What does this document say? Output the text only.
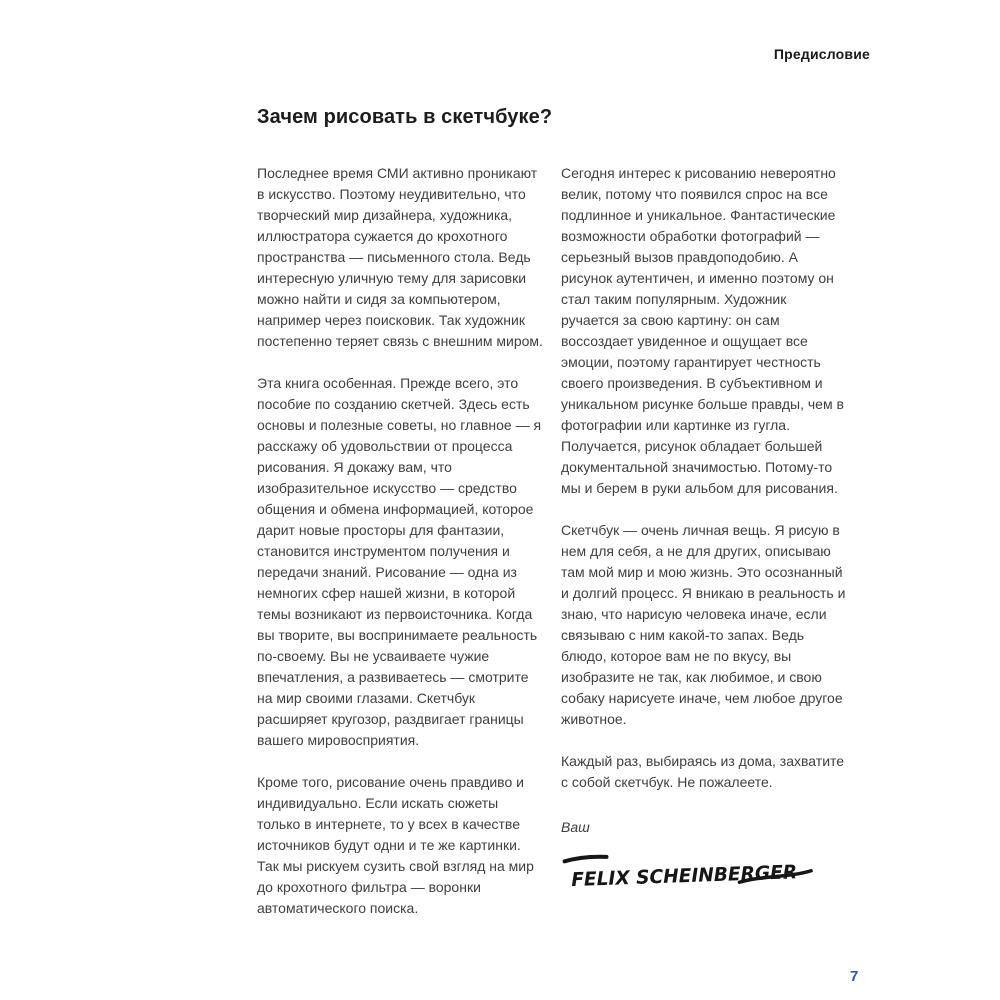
Предисловие
Зачем рисовать в скетчбуке?

Последнее время СМИ активно проникают в искусство. Поэтому неудивительно, что творческий мир дизайнера, художника, иллюстратора сужается до крохотного пространства — письменного стола. Ведь интересную уличную тему для зарисовки можно найти и сидя за компьютером, например через поисковик. Так художник постепенно теряет связь с внешним миром.

Эта книга особенная. Прежде всего, это пособие по созданию скетчей. Здесь есть основы и полезные советы, но главное — я расскажу об удовольствии от процесса рисования. Я докажу вам, что изобразительное искусство — средство общения и обмена информацией, которое дарит новые просторы для фантазии, становится инструментом получения и передачи знаний. Рисование — одна из немногих сфер нашей жизни, в которой темы возникают из первоисточника. Когда вы творите, вы воспринимаете реальность по-своему. Вы не усваиваете чужие впечатления, а развиваетесь — смотрите на мир своими глазами. Скетчбук расширяет кругозор, раздвигает границы вашего мировосприятия.

Кроме того, рисование очень правдиво и индивидуально. Если искать сюжеты только в интернете, то у всех в качестве источников будут одни и те же картинки. Так мы рискуем сузить свой взгляд на мир до крохотного фильтра — воронки автоматического поиска.

Сегодня интерес к рисованию невероятно велик, потому что появился спрос на все подлинное и уникальное. Фантастические возможности обработки фотографий — серьезный вызов правдоподобию. А рисунок аутентичен, и именно поэтому он стал таким популярным. Художник ручается за свою картину: он сам воссоздает увиденное и ощущает все эмоции, поэтому гарантирует честность своего произведения. В субъективном и уникальном рисунке больше правды, чем в фотографии или картинке из гугла. Получается, рисунок обладает большей документальной значимостью. Потому-то мы и берем в руки альбом для рисования.

Скетчбук — очень личная вещь. Я рисую в нем для себя, а не для других, описываю там мой мир и мою жизнь. Это осознанный и долгий процесс. Я вникаю в реальность и знаю, что нарисую человека иначе, если связываю с ним какой-то запах. Ведь блюдо, которое вам не по вкусу, вы изобразите не так, как любимое, и свою собаку нарисуете иначе, чем любое другое животное.

Каждый раз, выбираясь из дома, захватите с собой скетчбук. Не пожалеете.

Ваш

FELIX SCHEINBERGER
7
